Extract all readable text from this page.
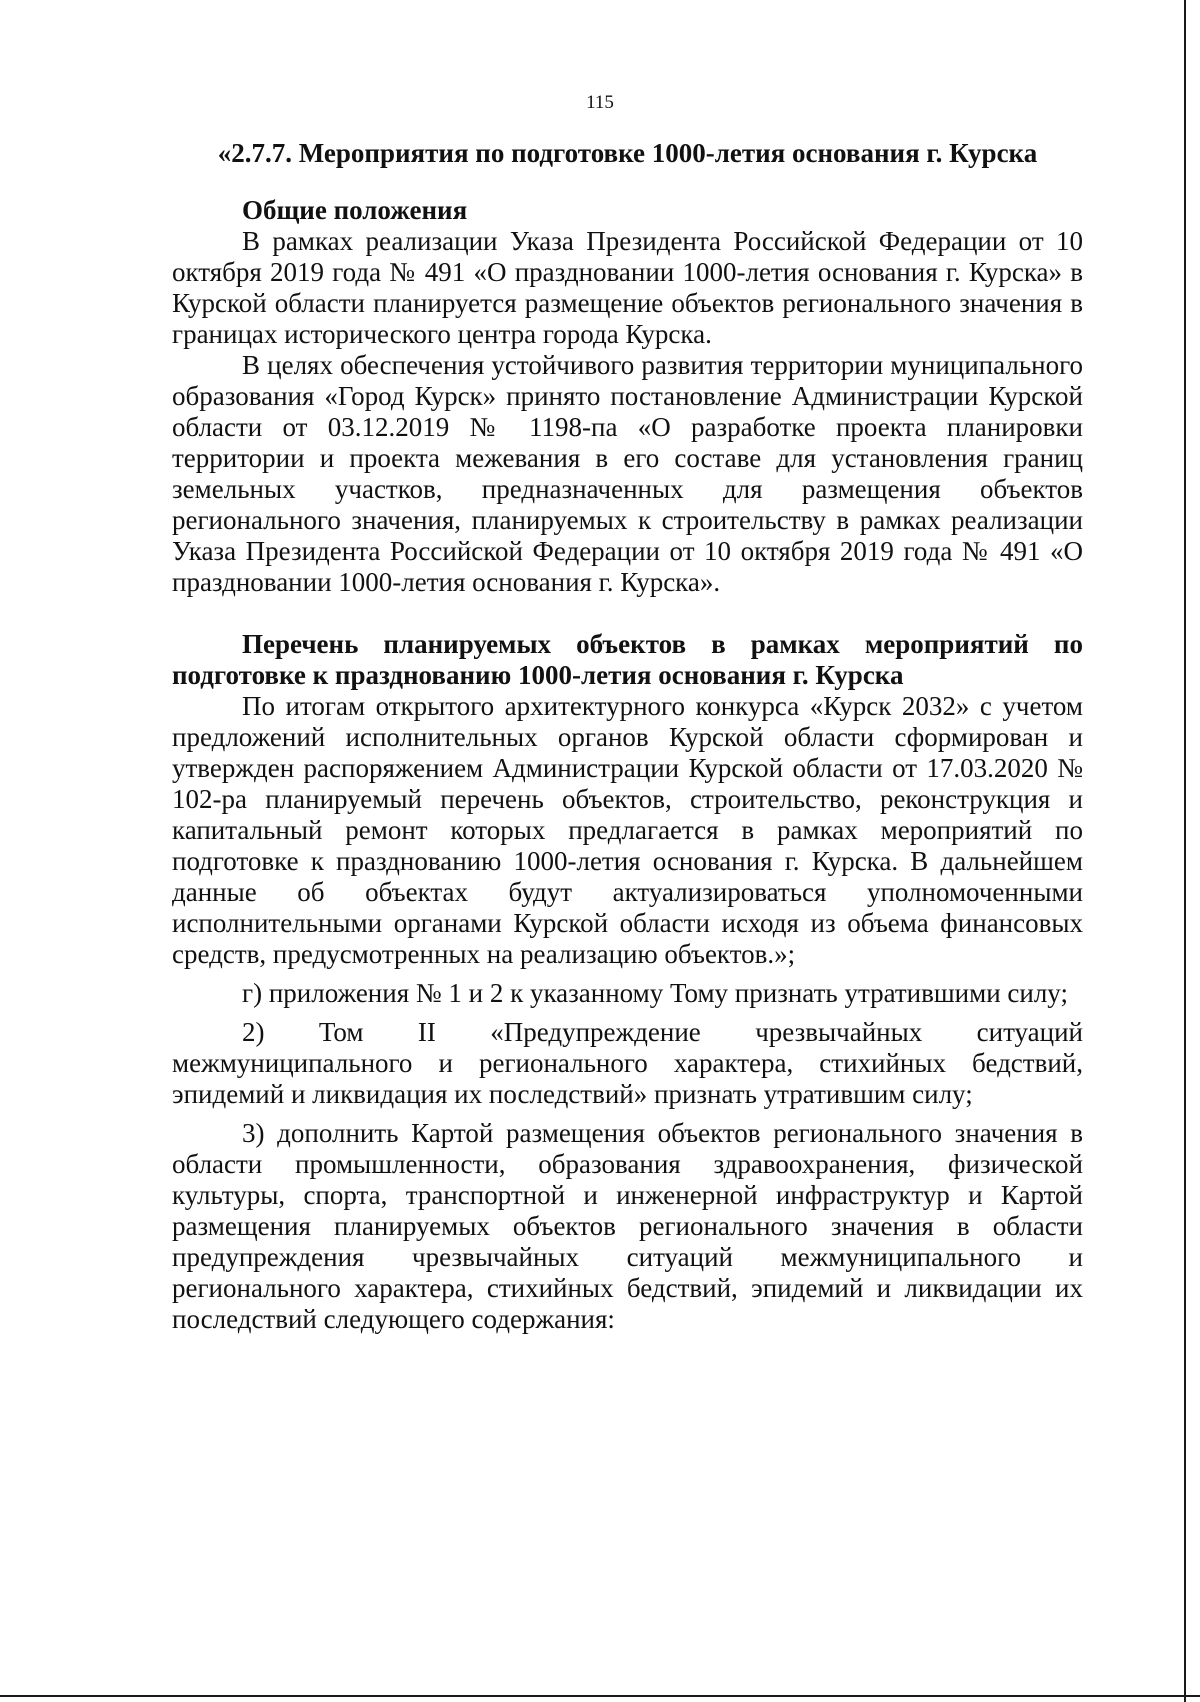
115

«2.7.7. Мероприятия по подготовке 1000-летия основания г. Курска

Общие положения

В рамках реализации Указа Президента Российской Федерации от 10 октября 2019 года № 491 «О праздновании 1000-летия основания г. Курска» в Курской области планируется размещение объектов регионального значения в границах исторического центра города Курска.

В целях обеспечения устойчивого развития территории муниципального образования «Город Курск» принято постановление Администрации Курской области от 03.12.2019 № 1198-па «О разработке проекта планировки территории и проекта межевания в его составе для установления границ земельных участков, предназначенных для размещения объектов регионального значения, планируемых к строительству в рамках реализации Указа Президента Российской Федерации от 10 октября 2019 года № 491 «О праздновании 1000-летия основания г. Курска».

Перечень планируемых объектов в рамках мероприятий по подготовке к празднованию 1000-летия основания г. Курска

По итогам открытого архитектурного конкурса «Курск 2032» с учетом предложений исполнительных органов Курской области сформирован и утвержден распоряжением Администрации Курской области от 17.03.2020 № 102-ра планируемый перечень объектов, строительство, реконструкция и капитальный ремонт которых предлагается в рамках мероприятий по подготовке к празднованию 1000-летия основания г. Курска. В дальнейшем данные об объектах будут актуализироваться уполномоченными исполнительными органами Курской области исходя из объема финансовых средств, предусмотренных на реализацию объектов.»;

г) приложения № 1 и 2 к указанному Тому признать утратившими силу;

2) Том II «Предупреждение чрезвычайных ситуаций межмуниципального и регионального характера, стихийных бедствий, эпидемий и ликвидация их последствий» признать утратившим силу;

3) дополнить Картой размещения объектов регионального значения в области промышленности, образования здравоохранения, физической культуры, спорта, транспортной и инженерной инфраструктур и Картой размещения планируемых объектов регионального значения в области предупреждения чрезвычайных ситуаций межмуниципального и регионального характера, стихийных бедствий, эпидемий и ликвидации их последствий следующего содержания:
